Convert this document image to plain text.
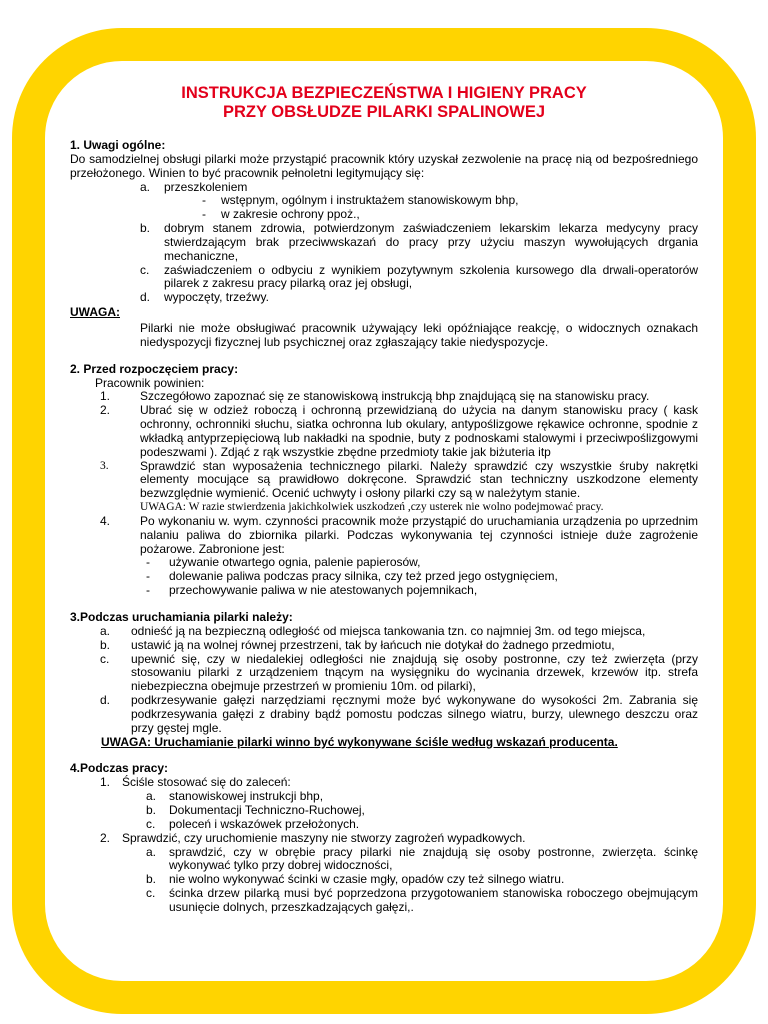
INSTRUKCJA BEZPIECZEŃSTWA I HIGIENY PRACY
PRZY OBSŁUDZE PILARKI SPALINOWEJ

1. Uwagi ogólne:

Do samodzielnej obsługi pilarki może przystąpić pracownik który uzyskał zezwolenie na pracę nią od bezpośredniego przełożonego. Winien to być pracownik pełnoletni legitymujący się:

a.	przeszkoleniem
-	wstępnym, ogólnym i instruktażem stanowiskowym bhp,
-	w zakresie ochrony ppoż.,
b.	dobrym stanem zdrowia, potwierdzonym zaświadczeniem lekarskim lekarza medycyny pracy stwierdzającym brak przeciwwskazań do pracy przy użyciu maszyn wywołujących drgania mechaniczne,
c.	zaświadczeniem o odbyciu z wynikiem pozytywnym szkolenia kursowego dla drwali-operatorów pilarek z zakresu pracy pilarką oraz jej obsługi,
d.	wypoczęty, trzeźwy.

UWAGA:

Pilarki nie może obsługiwać pracownik używający leki opóźniające reakcję, o widocznych oznakach niedyspozycji fizycznej lub psychicznej oraz zgłaszający takie niedyspozycje.

2. Przed rozpoczęciem pracy:

Pracownik powinien:

1.	Szczegółowo zapoznać się ze stanowiskową instrukcją bhp znajdującą się na stanowisku pracy.
2.	Ubrać się w odzież roboczą i ochronną przewidzianą do użycia na danym stanowisku pracy ( kask ochronny, ochronniki słuchu, siatka ochronna lub okulary, antypoślizgowe rękawice ochronne, spodnie z wkładką antyprzepięciową lub nakładki na spodnie, buty z podnoskami stalowymi i przeciwpoślizgowymi podeszwami ). Zdjąć z rąk wszystkie zbędne przedmioty takie jak biżuteria itp
3.	Sprawdzić stan wyposażenia technicznego pilarki. Należy sprawdzić czy wszystkie śruby nakrętki elementy mocujące są prawidłowo dokręcone. Sprawdzić stan techniczny uszkodzone elementy bezwzględnie wymienić. Ocenić uchwyty i osłony pilarki czy są w należytym stanie.

UWAGA: W razie stwierdzenia jakichkolwiek uszkodzeń ,czy usterek nie wolno podejmować pracy.

4.	Po wykonaniu w. wym. czynności pracownik może przystąpić do uruchamiania urządzenia po uprzednim nalaniu paliwa do zbiornika pilarki. Podczas wykonywania tej czynności istnieje duże zagrożenie pożarowe. Zabronione jest:
-	używanie otwartego ognia, palenie papierosów,
-	dolewanie paliwa podczas pracy silnika, czy też przed jego ostygnięciem,
-	przechowywanie paliwa w nie atestowanych pojemnikach,

3.Podczas uruchamiania pilarki należy:

a.	odnieść ją na bezpieczną odległość od miejsca tankowania tzn. co najmniej 3m. od tego miejsca,
b.	ustawić ją na wolnej równej przestrzeni, tak by łańcuch nie dotykał do żadnego przedmiotu,
c.	upewnić się, czy w niedalekiej odległości nie znajdują się osoby postronne, czy też zwierzęta (przy stosowaniu pilarki z urządzeniem tnącym na wysięgniku do wycinania drzewek, krzewów itp. strefa niebezpieczna obejmuje przestrzeń w promieniu 10m. od pilarki),
d.	podkrzesywanie gałęzi narzędziami ręcznymi może być wykonywane do wysokości 2m. Zabrania się podkrzesywania gałęzi z drabiny bądź pomostu podczas silnego wiatru, burzy, ulewnego deszczu oraz przy gęstej mgle.

UWAGA: Uruchamianie pilarki winno być wykonywane ściśle według wskazań producenta.

4.Podczas pracy:

1. Ściśle stosować się do zaleceń:
a.	stanowiskowej instrukcji bhp,
b.	Dokumentacji Techniczno-Ruchowej,
c.	poleceń i wskazówek przełożonych.
2. Sprawdzić, czy uruchomienie maszyny nie stworzy zagrożeń wypadkowych.
a.	sprawdzić, czy w obrębie pracy pilarki nie znajdują się osoby postronne, zwierzęta. ścinkę wykonywać tylko przy dobrej widoczności,
b.	nie wolno wykonywać ścinki w czasie mgły, opadów czy też silnego wiatru.
c.	ścinka drzew pilarką musi być poprzedzona przygotowaniem stanowiska roboczego obejmującym usunięcie dolnych, przeszkadzających gałęzi,.
